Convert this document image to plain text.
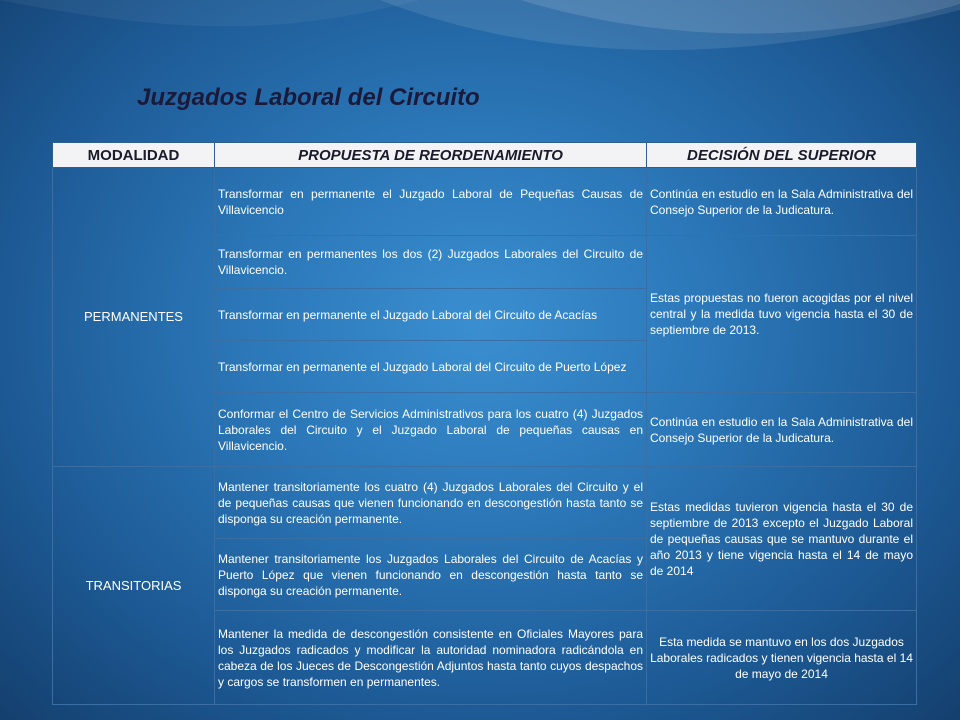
Juzgados Laboral del Circuito
MODALIDAD	PROPUESTA DE REORDENAMIENTO	DECISIÓN DEL SUPERIOR
PERMANENTES	Transformar en permanente el Juzgado Laboral de Pequeñas Causas de Villavicencio	Continúa en estudio en la Sala Administrativa del Consejo Superior de la Judicatura.
	Transformar en permanentes los dos (2) Juzgados Laborales del Circuito de Villavicencio.	Estas propuestas no fueron acogidas por el nivel central y la medida tuvo vigencia hasta el 30 de septiembre de 2013.
	Transformar en permanente el Juzgado Laboral del Circuito de Acacías	
	Transformar en permanente el Juzgado Laboral del Circuito de Puerto López	
	Conformar el Centro de Servicios Administrativos para los cuatro (4) Juzgados Laborales del Circuito y el Juzgado Laboral de pequeñas causas en Villavicencio.	Continúa en estudio en la Sala Administrativa del Consejo Superior de la Judicatura.
TRANSITORIAS	Mantener transitoriamente los cuatro (4) Juzgados Laborales del Circuito y el de pequeñas causas que vienen funcionando en descongestión hasta tanto se disponga su creación permanente.	Estas medidas tuvieron vigencia hasta el 30 de septiembre de 2013 excepto el Juzgado Laboral de pequeñas causas que se mantuvo durante el año 2013 y tiene vigencia hasta el 14 de mayo de 2014
	Mantener transitoriamente los Juzgados Laborales del Circuito de Acacías y Puerto López que vienen funcionando en descongestión hasta tanto se disponga su creación permanente.	
	Mantener la medida de descongestión consistente en Oficiales Mayores para los Juzgados radicados y modificar la autoridad nominadora radicándola en cabeza de los Jueces de Descongestión Adjuntos hasta tanto cuyos despachos y cargos se transformen en permanentes.	Esta medida se mantuvo en los dos Juzgados Laborales radicados y tienen vigencia hasta el 14 de mayo de 2014
